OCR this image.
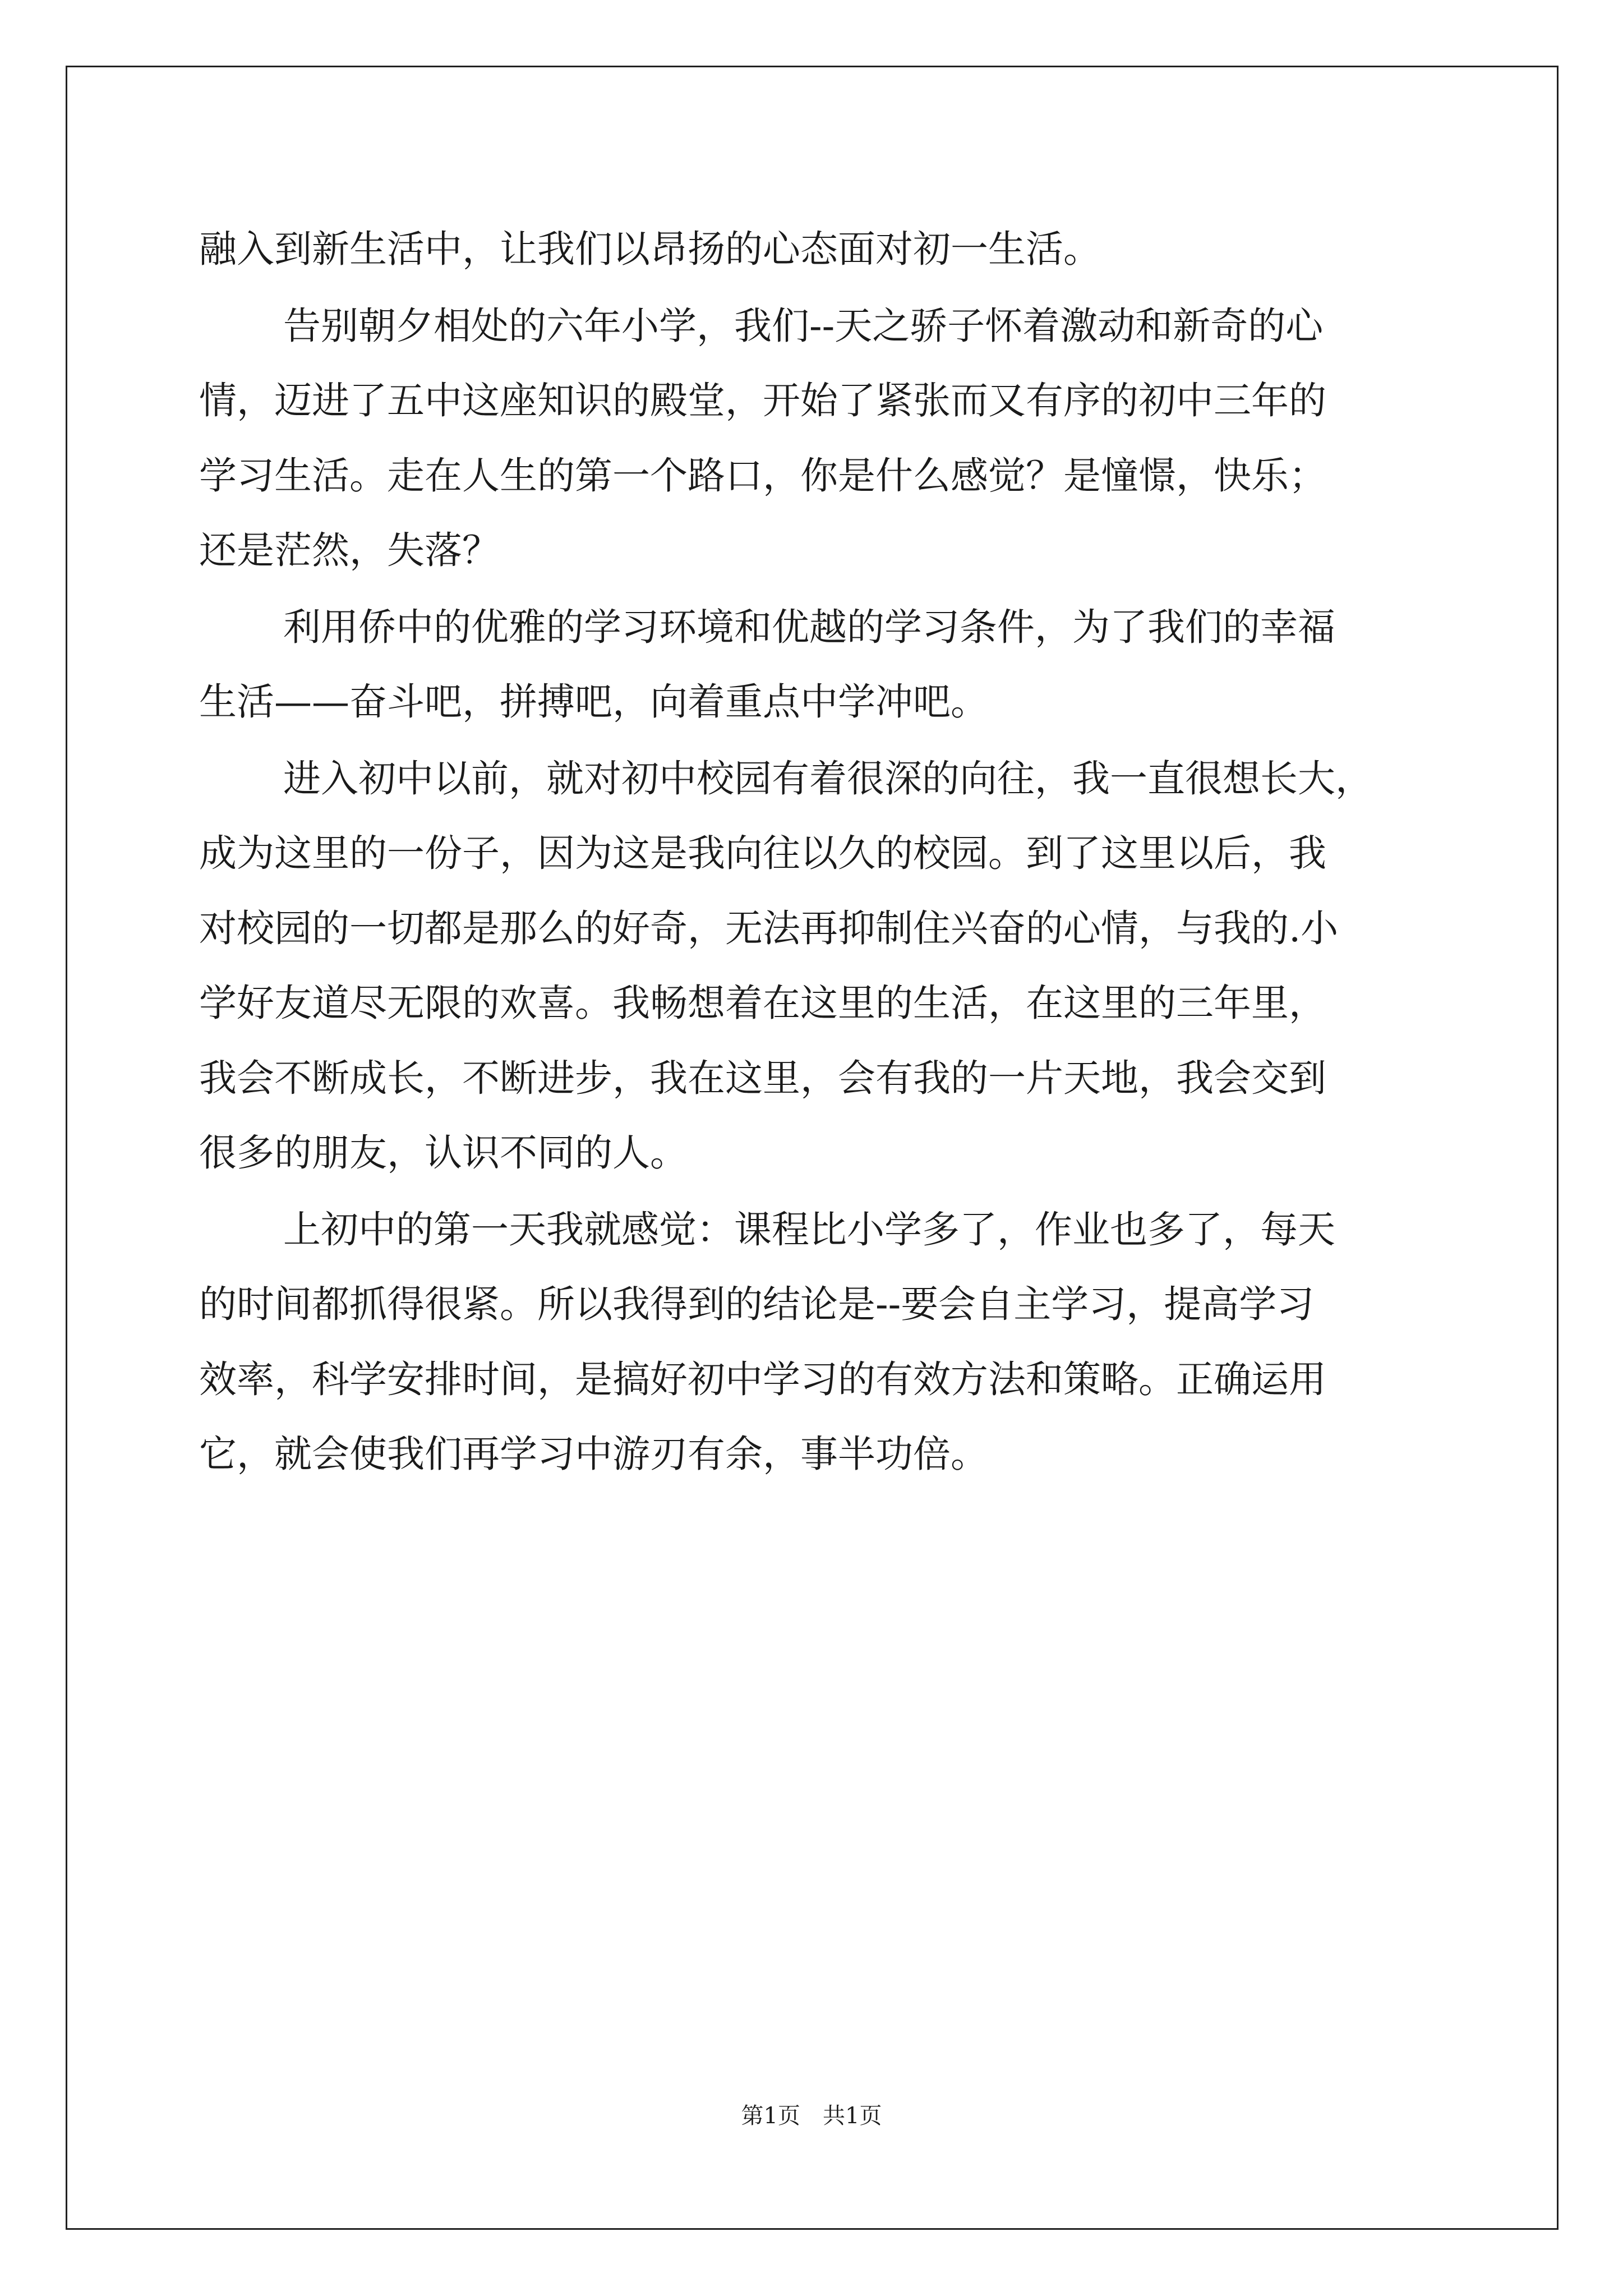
融入到新生活中，让我们以昂扬的心态面对初一生活。
告别朝夕相处的六年小学，我们--天之骄子怀着激动和新奇的心
情，迈进了五中这座知识的殿堂，开始了紧张而又有序的初中三年的
学习生活。走在人生的第一个路口，你是什么感觉？是憧憬，快乐；
还是茫然，失落？
利用侨中的优雅的学习环境和优越的学习条件，为了我们的幸福
生活——奋斗吧，拼搏吧，向着重点中学冲吧。
进入初中以前，就对初中校园有着很深的向往，我一直很想长大，
成为这里的一份子，因为这是我向往以久的校园。到了这里以后，我
对校园的一切都是那么的好奇，无法再抑制住兴奋的心情，与我的.小
学好友道尽无限的欢喜。我畅想着在这里的生活，在这里的三年里，
我会不断成长，不断进步，我在这里，会有我的一片天地，我会交到
很多的朋友，认识不同的人。
上初中的第一天我就感觉：课程比小学多了，作业也多了，每天
的时间都抓得很紧。所以我得到的结论是--要会自主学习，提高学习
效率，科学安排时间，是搞好初中学习的有效方法和策略。正确运用
它，就会使我们再学习中游刃有余，事半功倍。
第1页 共1页
